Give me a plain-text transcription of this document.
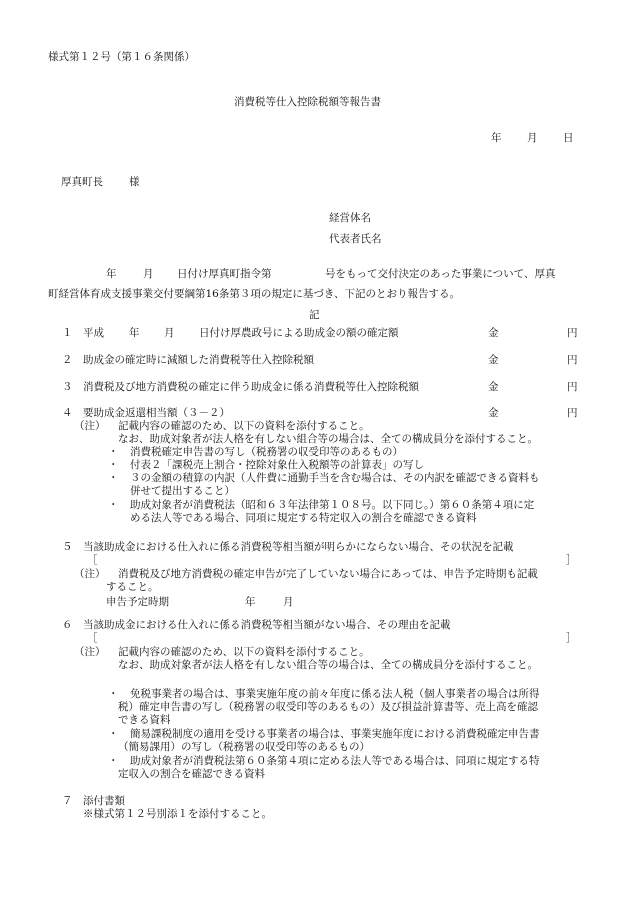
様式第１２号（第１６条関係）
消費税等仕入控除税額等報告書
年 月 日
厚真町長 様
経営体名
代表者氏名
年	月 日付け厚真町指令第	号をもって交付決定のあった事業について、厚真
町経営体育成支援事業交付要綱第16条第３項の規定に基づき、下記のとおり報告する。
記
１ 平成 年 月 日付け厚農政号による助成金の額の確定額	金	円
２ 助成金の確定時に減額した消費税等仕入控除税額	金	円
３ 消費税及び地方消費税の確定に伴う助成金に係る消費税等仕入控除税額	金	円
４ 要助成金返還相当額（３－２）	金	円
（注） 記載内容の確認のため、以下の資料を添付すること。
なお、助成対象者が法人格を有しない組合等の場合は、全ての構成員分を添付すること。
・ 消費税確定申告書の写し（税務署の収受印等のあるもの）
・ 付表２「課税売上割合・控除対象仕入税額等の計算表」の写し
・ ３の金額の積算の内訳（人件費に通勤手当を含む場合は、その内訳を確認できる資料も
併せて提出すること）
・ 助成対象者が消費税法（昭和６３年法律第１０８号。以下同じ。）第６０条第４項に定
める法人等である場合、同項に規定する特定収入の割合を確認できる資料
５ 当該助成金における仕入れに係る消費税等相当額が明らかにならない場合、その状況を記載
［	］
（注） 消費税及び地方消費税の確定申告が完了していない場合にあっては、申告予定時期も記載
すること。
申告予定時期	年	月
６ 当該助成金における仕入れに係る消費税等相当額がない場合、その理由を記載
［	］
（注） 記載内容の確認のため、以下の資料を添付すること。
なお、助成対象者が法人格を有しない組合等の場合は、全ての構成員分を添付すること。
・ 免税事業者の場合は、事業実施年度の前々年度に係る法人税（個人事業者の場合は所得
税）確定申告書の写し（税務署の収受印等のあるもの）及び損益計算書等、売上高を確認
できる資料
・ 簡易課税制度の適用を受ける事業者の場合は、事業実施年度における消費税確定申告書
（簡易課用）の写し（税務署の収受印等のあるもの）
・ 助成対象者が消費税法第６０条第４項に定める法人等である場合は、同項に規定する特
定収入の割合を確認できる資料
７ 添付書類
※様式第１２号別添１を添付すること。
